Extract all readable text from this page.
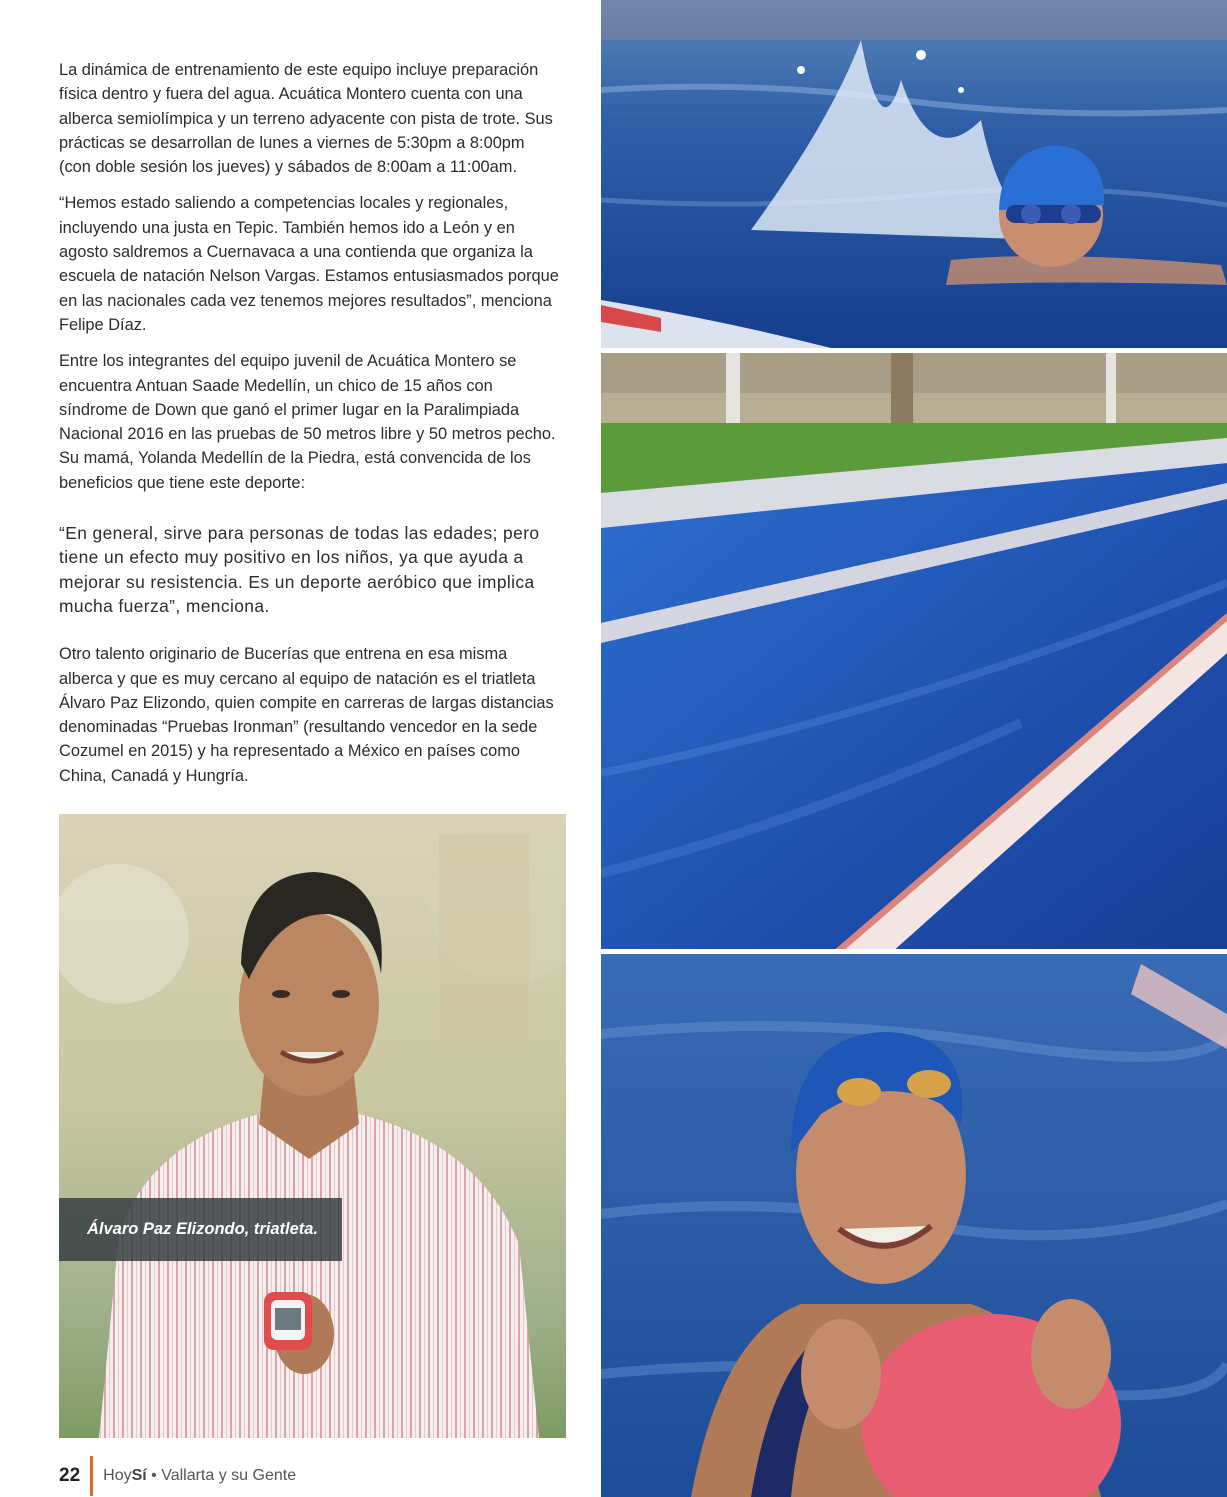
La dinámica de entrenamiento de este equipo incluye preparación física dentro y fuera del agua. Acuática Montero cuenta con una alberca semiolímpica y un terreno adyacente con pista de trote. Sus prácticas se desarrollan de lunes a viernes de 5:30pm a 8:00pm (con doble sesión los jueves) y sábados de 8:00am a 11:00am.

“Hemos estado saliendo a competencias locales y regionales, incluyendo una justa en Tepic. También hemos ido a León y en agosto saldremos a Cuernavaca a una contienda que organiza la escuela de natación Nelson Vargas. Estamos entusiasmados porque en las nacionales cada vez tenemos mejores resultados”, menciona Felipe Díaz.

Entre los integrantes del equipo juvenil de Acuática Montero se encuentra Antuan Saade Medellín, un chico de 15 años con síndrome de Down que ganó el primer lugar en la Paralimpiada Nacional 2016 en las pruebas de 50 metros libre y 50 metros pecho. Su mamá, Yolanda Medellín de la Piedra, está convencida de los beneficios que tiene este deporte:

“En general, sirve para personas de todas las edades; pero tiene un efecto muy positivo en los niños, ya que ayuda a mejorar su resistencia. Es un deporte aeróbico que implica mucha fuerza”, menciona.

Otro talento originario de Bucerías que entrena en esa misma alberca y que es muy cercano al equipo de natación es el triatleta Álvaro Paz Elizondo, quien compite en carreras de largas distancias denominadas “Pruebas Ironman” (resultando vencedor en la sede Cozumel en 2015) y ha representado a México en países como China, Canadá y Hungría.

Álvaro Paz Elizondo, triatleta.
22 HoySí • Vallarta y su Gente
